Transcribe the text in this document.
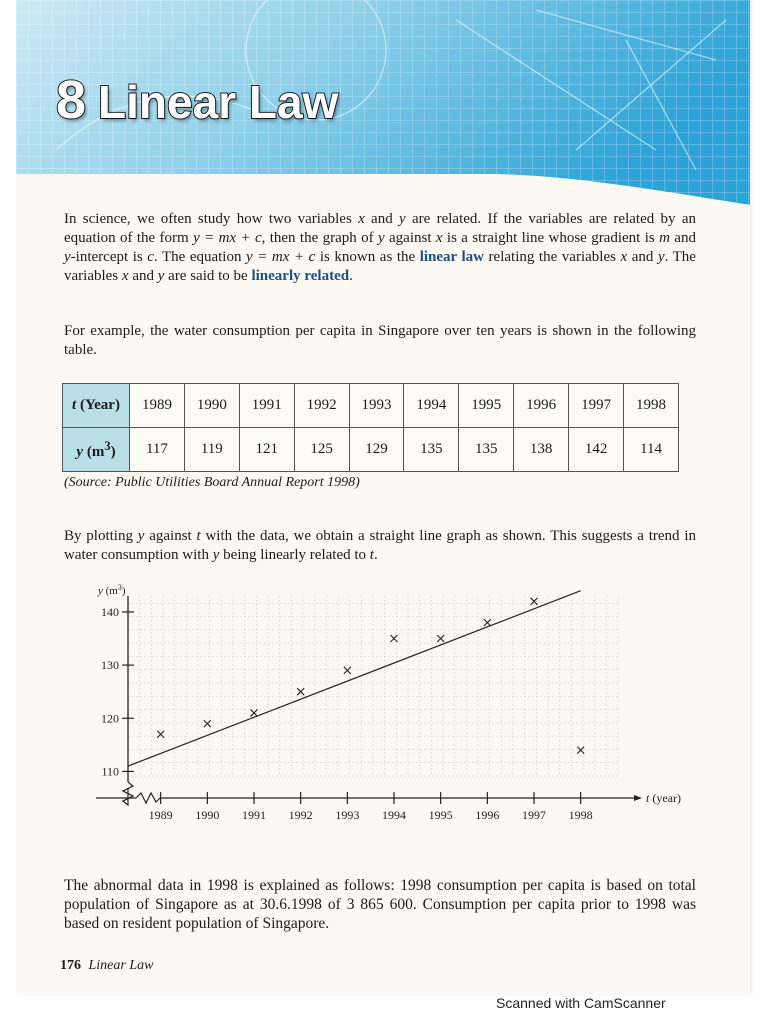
8 Linear Law

In science, we often study how two variables x and y are related. If the variables are related by an equation of the form y = mx + c, then the graph of y against x is a straight line whose gradient is m and y-intercept is c. The equation y = mx + c is known as the linear law relating the variables x and y. The variables x and y are said to be linearly related.

For example, the water consumption per capita in Singapore over ten years is shown in the following table.

t (Year)	1989	1990	1991	1992	1993	1994	1995	1996	1997	1998
y $(m^3)$	117	119	121	125	129	135	135	138	142	114

(Source: Public Utilities Board Annual Report 1998)

By plotting y against t with the data, we obtain a straight line graph as shown. This suggests a trend in water consumption with y being linearly related to t.

110
120
130
140
1989 1990 1991 1992 1993 1994 1995 1996 1997 1998
y $(m^3)$
t (year)

The abnormal data in 1998 is explained as follows: 1998 consumption per capita is based on total population of Singapore as at 30.6.1998 of 3 865 600. Consumption per capita prior to 1998 was based on resident population of Singapore.

176 Linear Law

Scanned with CamScanner
